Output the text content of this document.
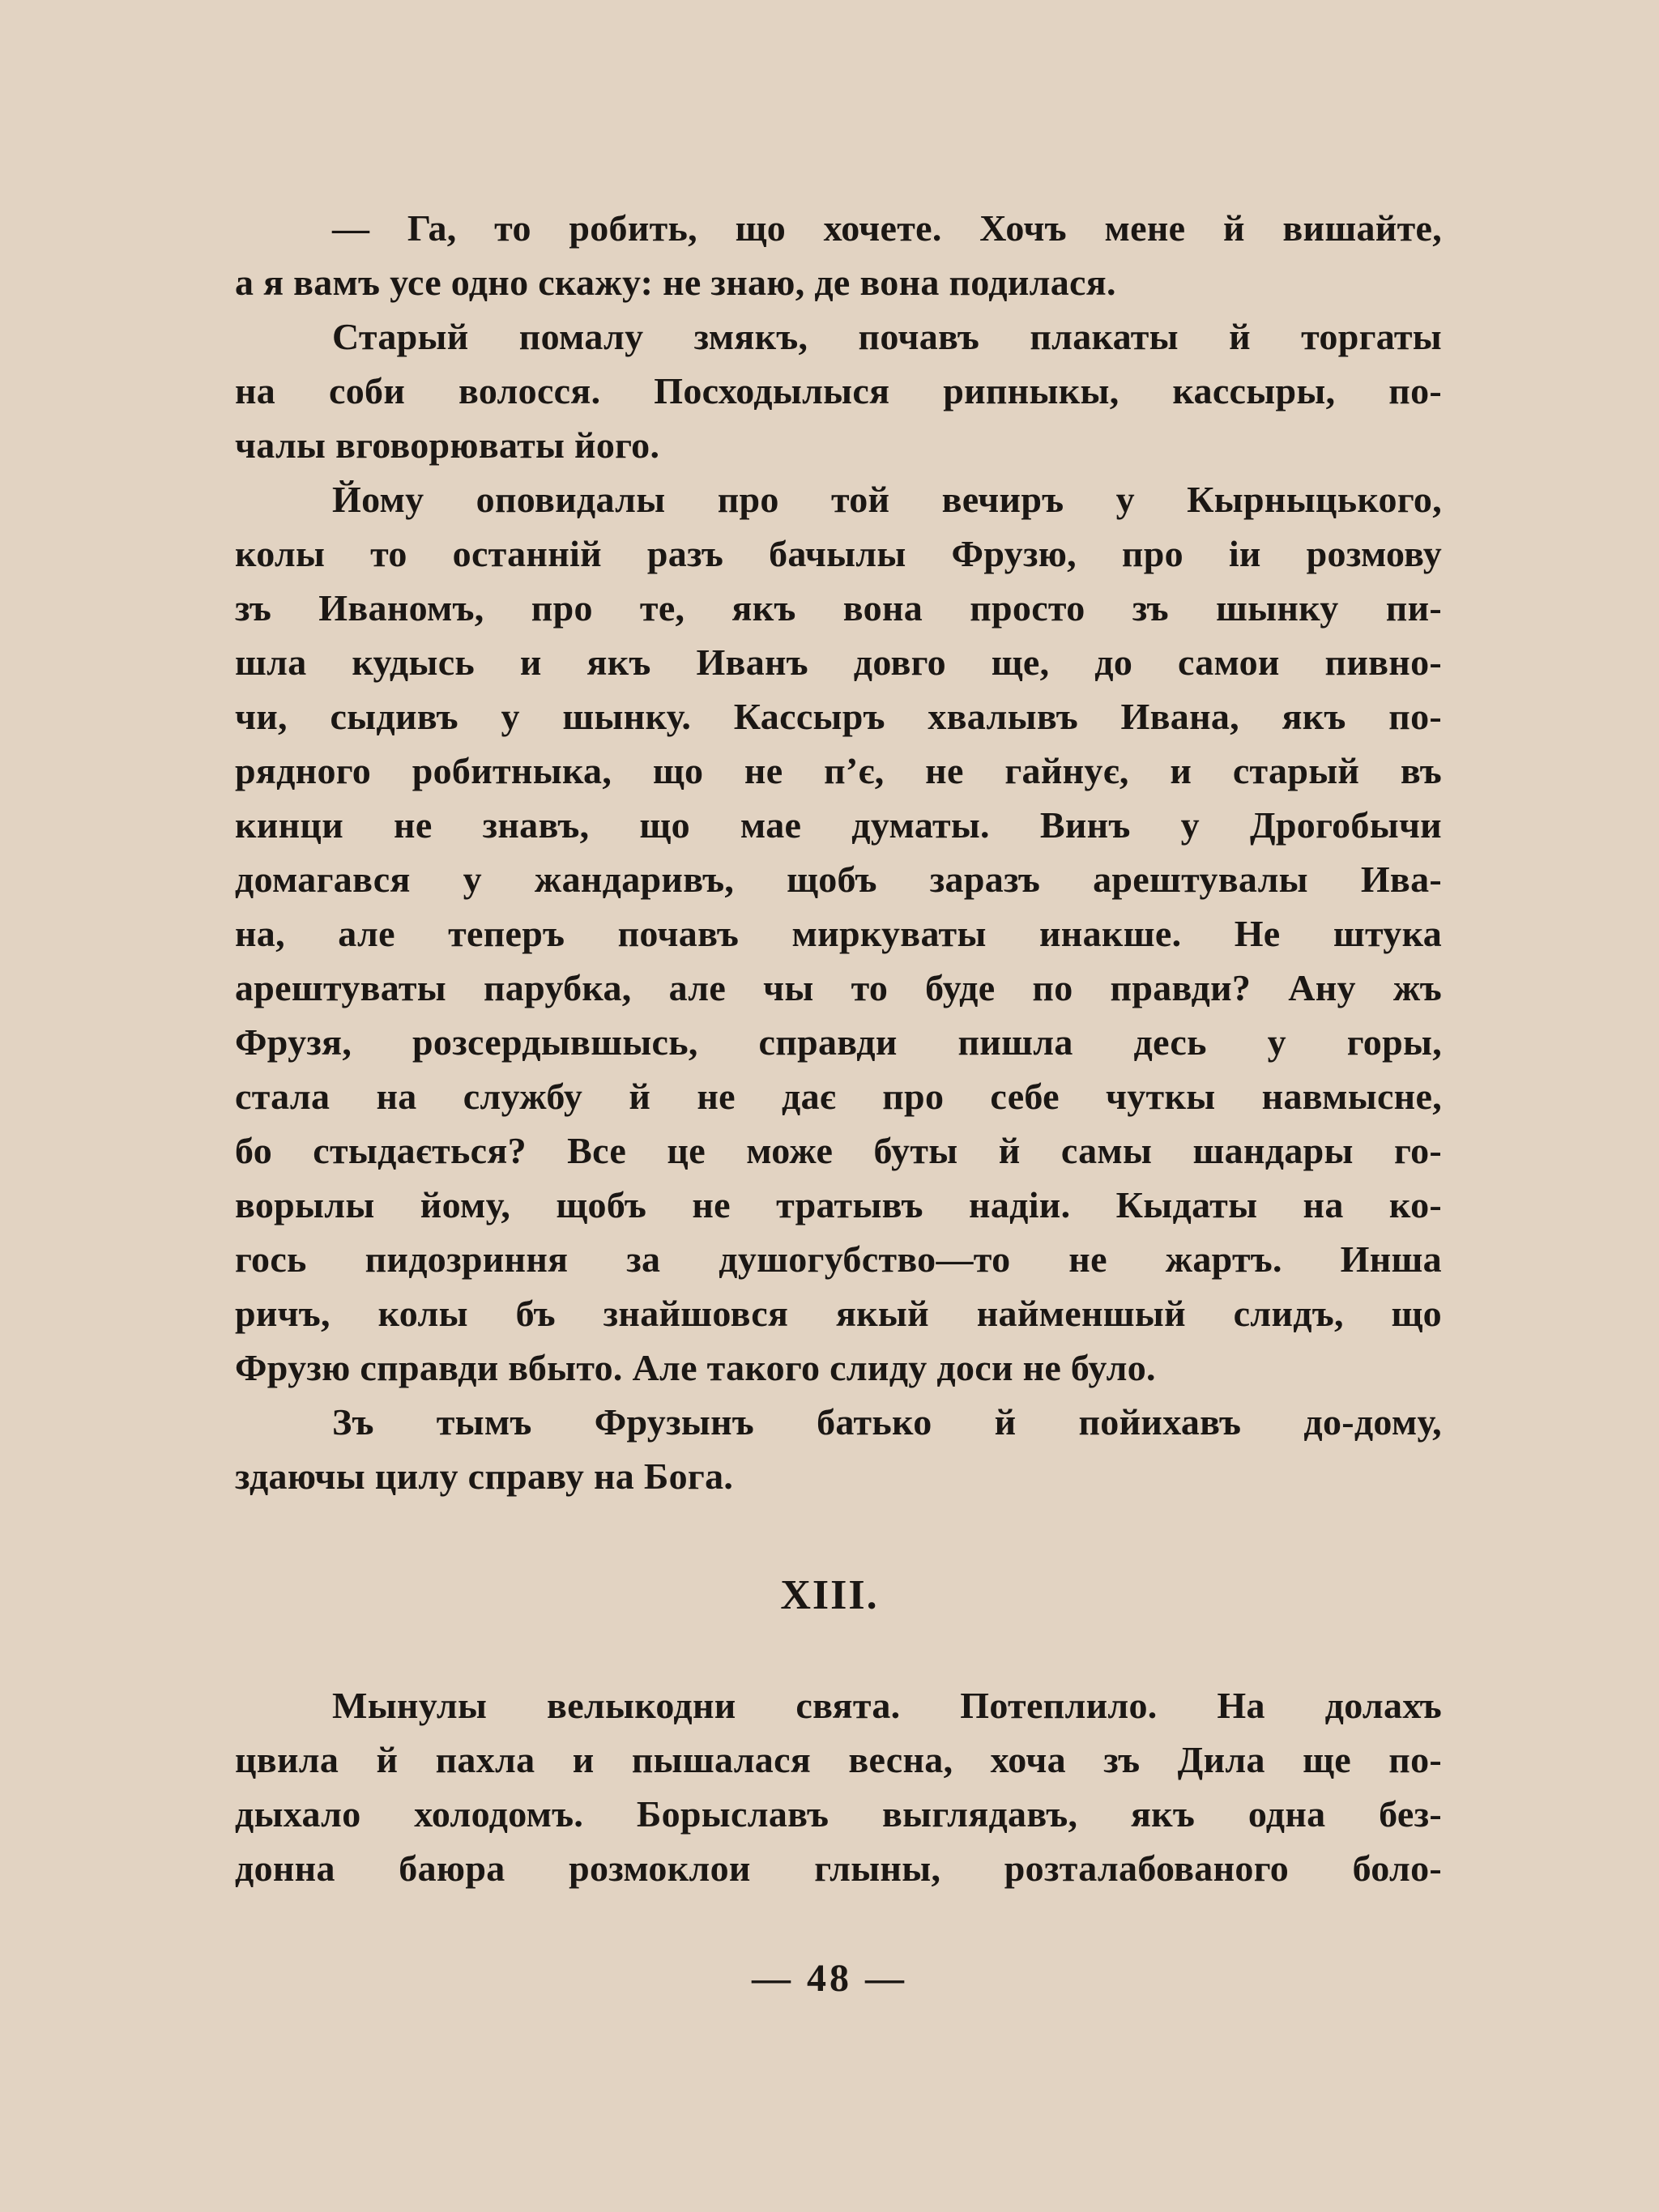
— Га, то робить, що хочете. Хочъ мене й вишайте,
а я вамъ усе одно скажу: не знаю, де вона подилася.
Старый помалу змякъ, почавъ плакаты й торгаты
на соби волосся. Посходылыся рипныкы, кассыры, по-
чалы вговорюваты його.
Йому оповидалы про той вечиръ у Кырныцького,
колы то останній разъ бачылы Фрузю, про іи розмову
зъ Иваномъ, про те, якъ вона просто зъ шынку пи-
шла кудысь и якъ Иванъ довго ще, до самои пивно-
чи, сыдивъ у шынку. Кассыръ хвалывъ Ивана, якъ по-
рядного робитныка, що не пʼє, не гайнує, и старый въ
кинци не знавъ, що мае думаты. Винъ у Дрогобычи
домагався у жандаривъ, щобъ заразъ арештувалы Ива-
на, але теперъ почавъ миркуваты инакше. Не штука
арештуваты парубка, але чы то буде по правди? Ану жъ
Фрузя, розсердывшысь, справди пишла десь у горы,
стала на службу й не дає про себе чуткы навмысне,
бо стыдається? Все це може буты й самы шандары го-
ворылы йому, щобъ не тратывъ надіи. Кыдаты на ко-
гось пидозриння за душогубство—то не жартъ. Инша
ричъ, колы бъ знайшовся якый найменшый слидъ, що
Фрузю справди вбыто. Але такого слиду доси не було.
Зъ тымъ Фрузынъ батько й пойихавъ до-дому,
здаючы цилу справу на Бога.
XIII.
Мынулы велыкодни свята. Потеплило. На долахъ
цвила й пахла и пышалася весна, хоча зъ Дила ще по-
дыхало холодомъ. Борыславъ выглядавъ, якъ одна без-
донна баюра розмоклои глыны, розталабованого боло-
— 48 —
